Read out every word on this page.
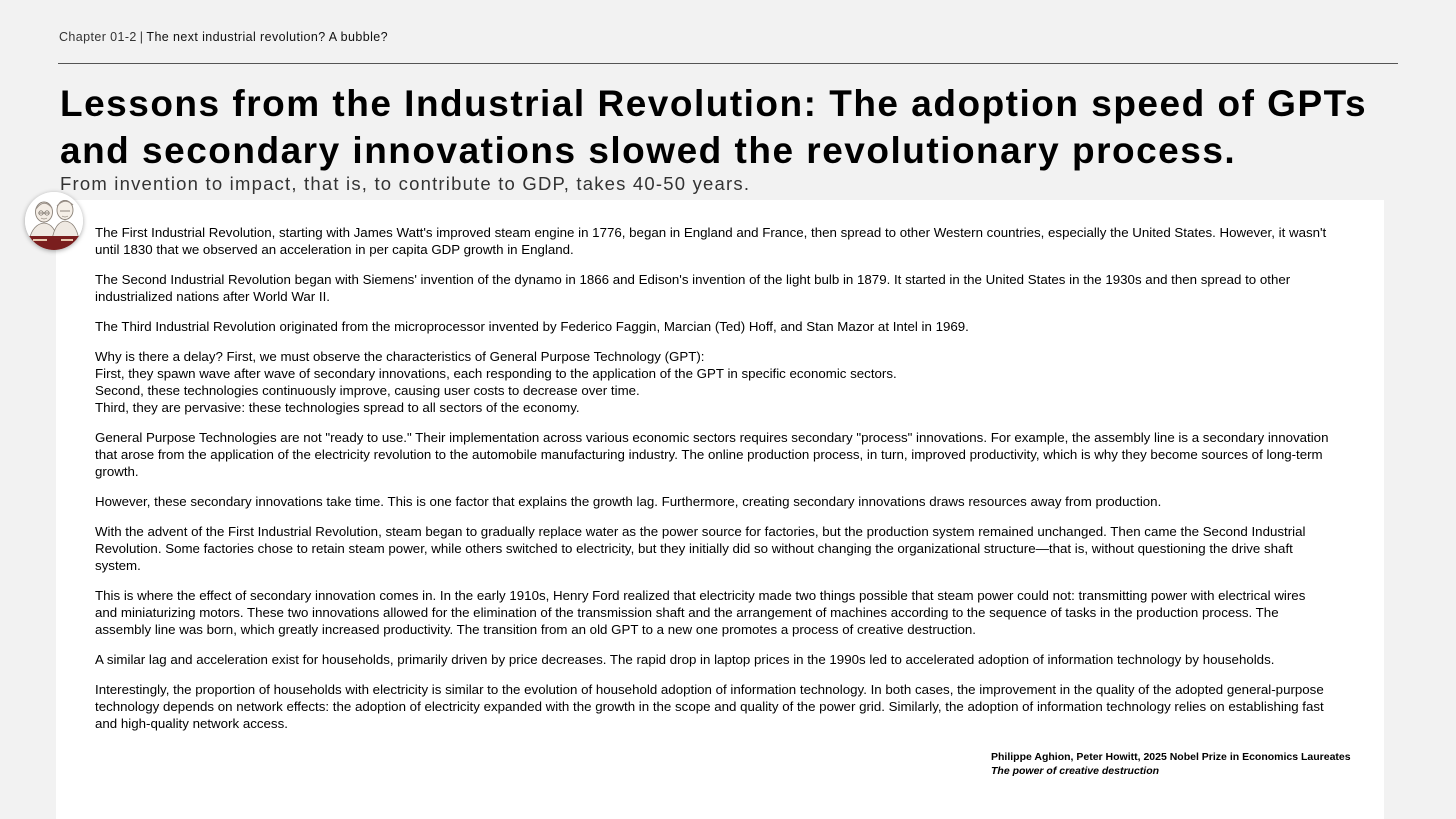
Chapter 01-2 | The next industrial revolution? A bubble?
Lessons from the Industrial Revolution: The adoption speed of GPTs and secondary innovations slowed the revolutionary process.

From invention to impact, that is, to contribute to GDP, takes 40-50 years.

The First Industrial Revolution, starting with James Watt's improved steam engine in 1776, began in England and France, then spread to other Western countries, especially the United States. However, it wasn't until 1830 that we observed an acceleration in per capita GDP growth in England.

The Second Industrial Revolution began with Siemens' invention of the dynamo in 1866 and Edison's invention of the light bulb in 1879. It started in the United States in the 1930s and then spread to other industrialized nations after World War II.

The Third Industrial Revolution originated from the microprocessor invented by Federico Faggin, Marcian (Ted) Hoff, and Stan Mazor at Intel in 1969.

Why is there a delay? First, we must observe the characteristics of General Purpose Technology (GPT):
First, they spawn wave after wave of secondary innovations, each responding to the application of the GPT in specific economic sectors.
Second, these technologies continuously improve, causing user costs to decrease over time.
Third, they are pervasive: these technologies spread to all sectors of the economy.

General Purpose Technologies are not "ready to use." Their implementation across various economic sectors requires secondary "process" innovations. For example, the assembly line is a secondary innovation that arose from the application of the electricity revolution to the automobile manufacturing industry. The online production process, in turn, improved productivity, which is why they become sources of long-term growth.

However, these secondary innovations take time. This is one factor that explains the growth lag. Furthermore, creating secondary innovations draws resources away from production.

With the advent of the First Industrial Revolution, steam began to gradually replace water as the power source for factories, but the production system remained unchanged. Then came the Second Industrial Revolution. Some factories chose to retain steam power, while others switched to electricity, but they initially did so without changing the organizational structure—that is, without questioning the drive shaft system.

This is where the effect of secondary innovation comes in. In the early 1910s, Henry Ford realized that electricity made two things possible that steam power could not: transmitting power with electrical wires and miniaturizing motors. These two innovations allowed for the elimination of the transmission shaft and the arrangement of machines according to the sequence of tasks in the production process. The assembly line was born, which greatly increased productivity. The transition from an old GPT to a new one promotes a process of creative destruction.

A similar lag and acceleration exist for households, primarily driven by price decreases. The rapid drop in laptop prices in the 1990s led to accelerated adoption of information technology by households.

Interestingly, the proportion of households with electricity is similar to the evolution of household adoption of information technology. In both cases, the improvement in the quality of the adopted general-purpose technology depends on network effects: the adoption of electricity expanded with the growth in the scope and quality of the power grid. Similarly, the adoption of information technology relies on establishing fast and high-quality network access.

Philippe Aghion, Peter Howitt, 2025 Nobel Prize in Economics Laureates
The power of creative destruction
